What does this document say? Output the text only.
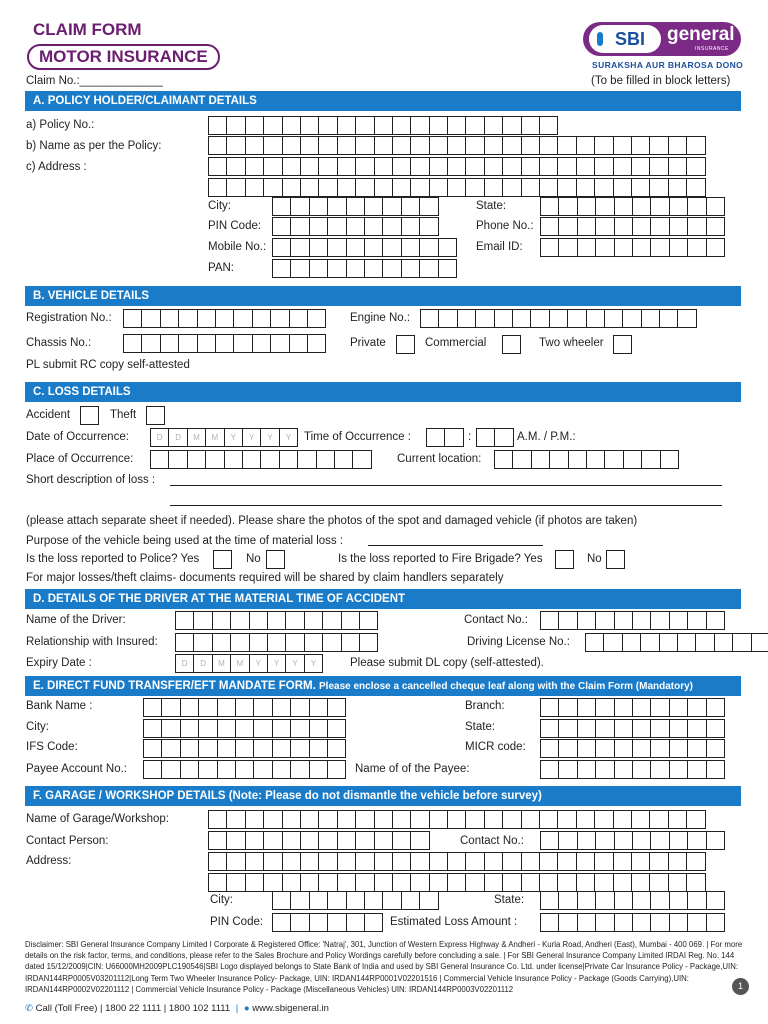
CLAIM FORM
MOTOR INSURANCE
SBI	general
INSURANCE
SURAKSHA AUR BHAROSA DONO
Claim No.:_____________	(To be filled in block letters)
A. POLICY HOLDER/CLAIMANT DETAILS
a) Policy No.:
b) Name as per the Policy:
c) Address :
City:	State:
PIN Code:	Phone No.:
Mobile No.:	Email ID:
PAN:
B. VEHICLE DETAILS
Registration No.:	Engine No.:
Chassis No.:	Private	Commercial	Two wheeler
PL submit RC copy self-attested
C. LOSS DETAILS
Accident	Theft
Date of Occurrence:	D	D	M	M	Y	Y	Y	Y	Time of Occurrence :	:	A.M. / P.M.:
Place of Occurrence:	Current location:
Short description of loss :
(please attach separate sheet if needed). Please share the photos of the spot and damaged vehicle (if photos are taken)
Purpose of the vehicle being used at the time of material loss :
Is the loss reported to Police? Yes	No	Is the loss reported to Fire Brigade? Yes	No
For major losses/theft claims- documents required will be shared by claim handlers separately
D. DETAILS OF THE DRIVER AT THE MATERIAL TIME OF ACCIDENT
Name of the Driver:	Contact No.:
Relationship with Insured:	Driving License No.:
Expiry Date :	D	D	M	M	Y	Y	Y	Y	Please submit DL copy (self-attested).
E. DIRECT FUND TRANSFER/EFT MANDATE FORM. Please enclose a cancelled cheque leaf along with the Claim Form (Mandatory)
Bank Name :	Branch:
City:	State:
IFS Code:	MICR code:
Payee Account No.:	Name of of the Payee:
F. GARAGE / WORKSHOP DETAILS (Note: Please do not dismantle the vehicle before survey)
Name of Garage/Workshop:
Contact Person:	Contact No.:
Address:
City:	State:
PIN Code:	Estimated Loss Amount :
Disclaimer: SBI General Insurance Company Limited I Corporate & Registered Office: 'Natraj', 301, Junction of Western Express Highway & Andheri - Kurla Road, Andheri (East), Mumbai - 400 069. | For more details on the risk factor, terms, and conditions, please refer to the Sales Brochure and Policy Wordings carefully before concluding a sale. | For SBI General Insurance Company Limited IRDAI Reg. No. 144 dated 15/12/2009|CIN: U66000MH2009PLC190546|SBI Logo displayed belongs to State Bank of India and used by SBI General Insurance Co. Ltd. under license|Private Car Insurance Policy - Package,UIN: IRDAN144RP0005V03201112|Long Term Two Wheeler Insurance Policy- Package, UIN: IRDAN144RP0001V02201516 | Commercial Vehicle Insurance Policy - Package (Goods Carrying),UIN: IRDAN144RP0002V02201112 | Commercial Vehicle Insurance Policy - Package (Miscellaneous Vehicles) UIN: IRDAN144RP0003V02201112	1
✆ Call (Toll Free) | 1800 22 1111 | 1800 102 1111 | ● www.sbigeneral.in
